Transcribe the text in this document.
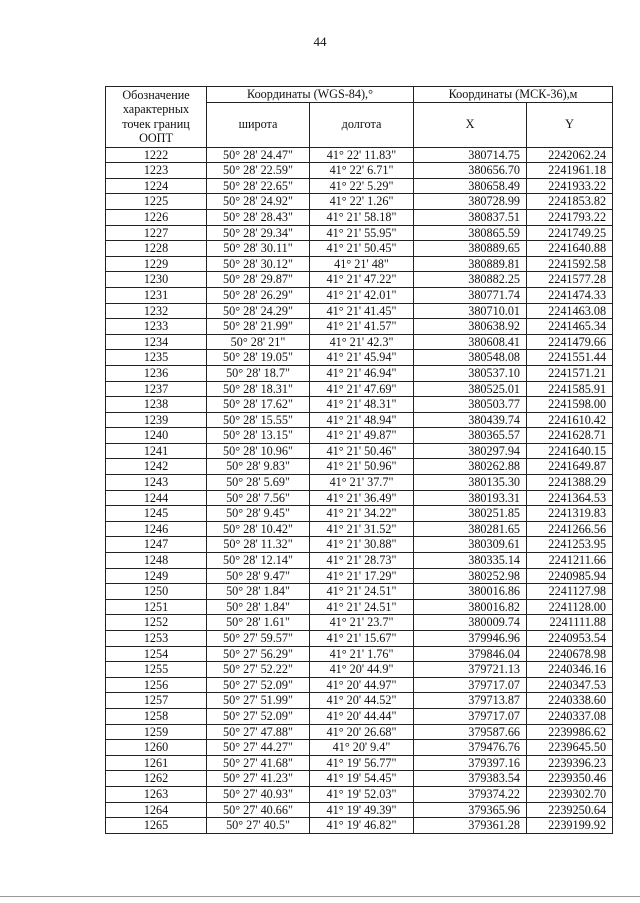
44
Обозначение характерных точек границ ООПТ	Координаты (WGS-84),°		Координаты (МСК-36),м	
	широта	долгота	X	Y
1222	50° 28' 24.47"	41° 22' 11.83"	380714.75	2242062.24
1223	50° 28' 22.59"	41° 22' 6.71"	380656.70	2241961.18
1224	50° 28' 22.65"	41° 22' 5.29"	380658.49	2241933.22
1225	50° 28' 24.92"	41° 22' 1.26"	380728.99	2241853.82
1226	50° 28' 28.43"	41° 21' 58.18"	380837.51	2241793.22
1227	50° 28' 29.34"	41° 21' 55.95"	380865.59	2241749.25
1228	50° 28' 30.11"	41° 21' 50.45"	380889.65	2241640.88
1229	50° 28' 30.12"	41° 21' 48"	380889.81	2241592.58
1230	50° 28' 29.87"	41° 21' 47.22"	380882.25	2241577.28
1231	50° 28' 26.29"	41° 21' 42.01"	380771.74	2241474.33
1232	50° 28' 24.29"	41° 21' 41.45"	380710.01	2241463.08
1233	50° 28' 21.99"	41° 21' 41.57"	380638.92	2241465.34
1234	50° 28' 21"	41° 21' 42.3"	380608.41	2241479.66
1235	50° 28' 19.05"	41° 21' 45.94"	380548.08	2241551.44
1236	50° 28' 18.7"	41° 21' 46.94"	380537.10	2241571.21
1237	50° 28' 18.31"	41° 21' 47.69"	380525.01	2241585.91
1238	50° 28' 17.62"	41° 21' 48.31"	380503.77	2241598.00
1239	50° 28' 15.55"	41° 21' 48.94"	380439.74	2241610.42
1240	50° 28' 13.15"	41° 21' 49.87"	380365.57	2241628.71
1241	50° 28' 10.96"	41° 21' 50.46"	380297.94	2241640.15
1242	50° 28' 9.83"	41° 21' 50.96"	380262.88	2241649.87
1243	50° 28' 5.69"	41° 21' 37.7"	380135.30	2241388.29
1244	50° 28' 7.56"	41° 21' 36.49"	380193.31	2241364.53
1245	50° 28' 9.45"	41° 21' 34.22"	380251.85	2241319.83
1246	50° 28' 10.42"	41° 21' 31.52"	380281.65	2241266.56
1247	50° 28' 11.32"	41° 21' 30.88"	380309.61	2241253.95
1248	50° 28' 12.14"	41° 21' 28.73"	380335.14	2241211.66
1249	50° 28' 9.47"	41° 21' 17.29"	380252.98	2240985.94
1250	50° 28' 1.84"	41° 21' 24.51"	380016.86	2241127.98
1251	50° 28' 1.84"	41° 21' 24.51"	380016.82	2241128.00
1252	50° 28' 1.61"	41° 21' 23.7"	380009.74	2241111.88
1253	50° 27' 59.57"	41° 21' 15.67"	379946.96	2240953.54
1254	50° 27' 56.29"	41° 21' 1.76"	379846.04	2240678.98
1255	50° 27' 52.22"	41° 20' 44.9"	379721.13	2240346.16
1256	50° 27' 52.09"	41° 20' 44.97"	379717.07	2240347.53
1257	50° 27' 51.99"	41° 20' 44.52"	379713.87	2240338.60
1258	50° 27' 52.09"	41° 20' 44.44"	379717.07	2240337.08
1259	50° 27' 47.88"	41° 20' 26.68"	379587.66	2239986.62
1260	50° 27' 44.27"	41° 20' 9.4"	379476.76	2239645.50
1261	50° 27' 41.68"	41° 19' 56.77"	379397.16	2239396.23
1262	50° 27' 41.23"	41° 19' 54.45"	379383.54	2239350.46
1263	50° 27' 40.93"	41° 19' 52.03"	379374.22	2239302.70
1264	50° 27' 40.66"	41° 19' 49.39"	379365.96	2239250.64
1265	50° 27' 40.5"	41° 19' 46.82"	379361.28	2239199.92
